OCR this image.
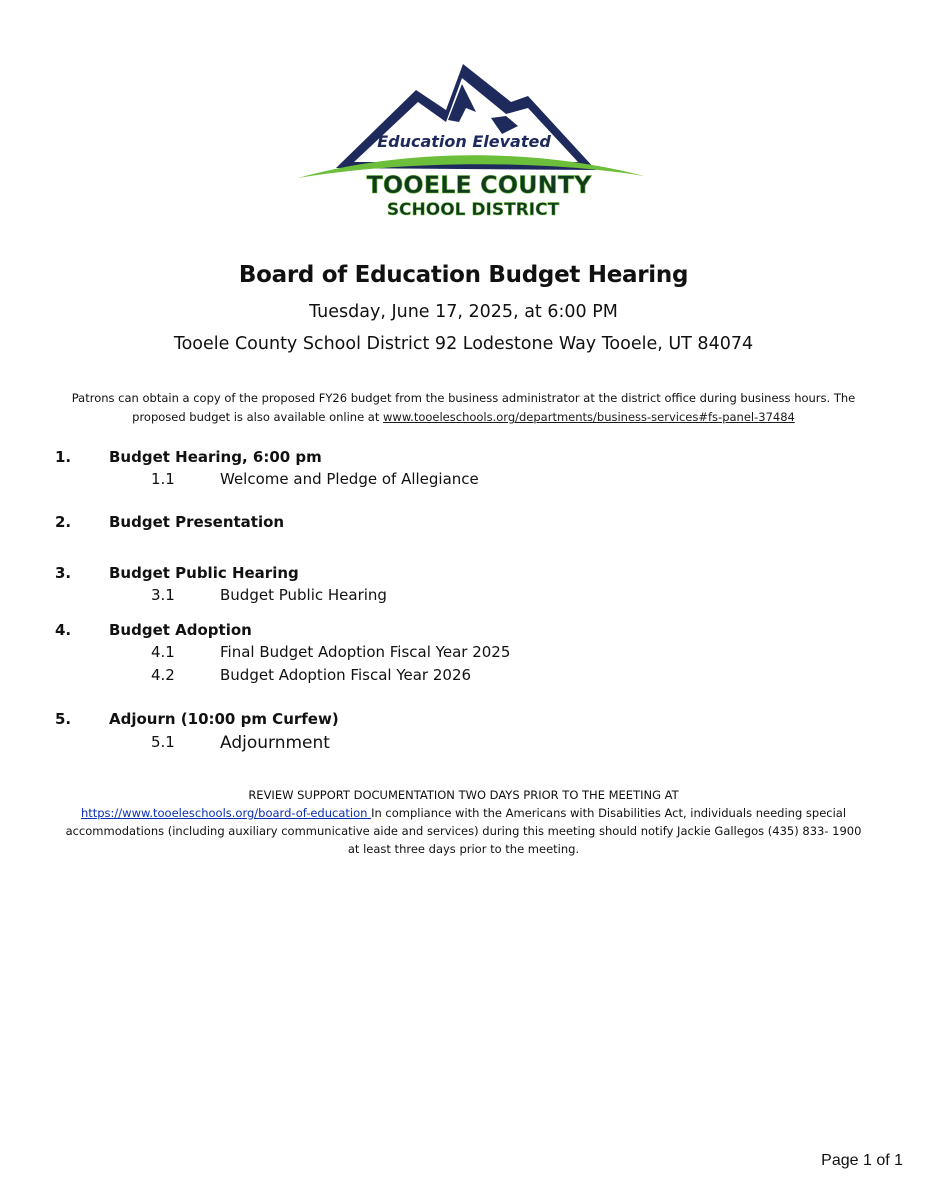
Education Elevated
TOOELE COUNTY
SCHOOL DISTRICT
Board of Education Budget Hearing
Tuesday, June 17, 2025, at 6:00 PM
Tooele County School District 92 Lodestone Way Tooele, UT 84074
Patrons can obtain a copy of the proposed FY26 budget from the business administrator at the district office during business hours. The proposed budget is also available online at www.tooeleschools.org/departments/business-services#fs-panel-37484
1.	Budget Hearing, 6:00 pm
1.1	Welcome and Pledge of Allegiance
2.	Budget Presentation
3.	Budget Public Hearing
3.1	Budget Public Hearing
4.	Budget Adoption
4.1	Final Budget Adoption Fiscal Year 2025
4.2	Budget Adoption Fiscal Year 2026
5.	Adjourn (10:00 pm Curfew)
5.1	Adjournment
REVIEW SUPPORT DOCUMENTATION TWO DAYS PRIOR TO THE MEETING AT
https://www.tooeleschools.org/board-of-education In compliance with the Americans with Disabilities Act, individuals needing special accommodations (including auxiliary communicative aide and services) during this meeting should notify Jackie Gallegos (435) 833- 1900 at least three days prior to the meeting.
Page 1 of 1
